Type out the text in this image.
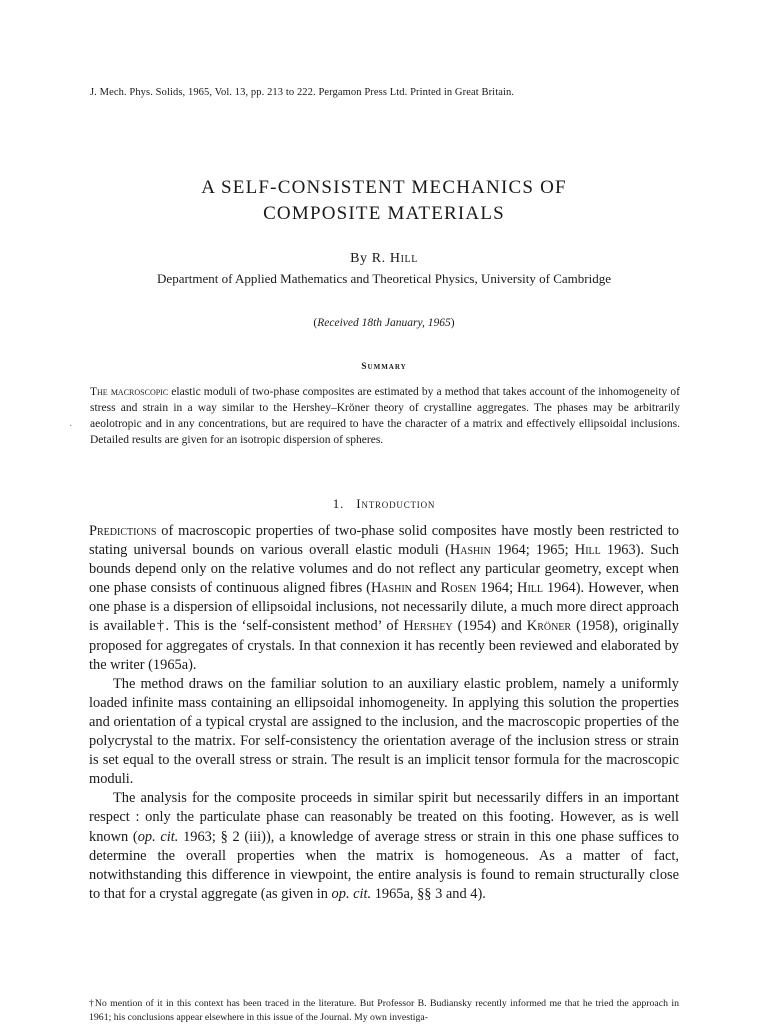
J. Mech. Phys. Solids, 1965, Vol. 13, pp. 213 to 222. Pergamon Press Ltd. Printed in Great Britain.
A SELF-CONSISTENT MECHANICS OF
COMPOSITE MATERIALS
By R. Hill
Department of Applied Mathematics and Theoretical Physics, University of Cambridge
(Received 18th January, 1965)
Summary
·
The macroscopic elastic moduli of two-phase composites are estimated by a method that takes account of the inhomogeneity of stress and strain in a way similar to the Hershey–Kröner theory of crystalline aggregates. The phases may be arbitrarily aeolotropic and in any concentrations, but are required to have the character of a matrix and effectively ellipsoidal inclusions. Detailed results are given for an isotropic dispersion of spheres.
1. Introduction

Predictions of macroscopic properties of two-phase solid composites have mostly been restricted to stating universal bounds on various overall elastic moduli (Hashin 1964; 1965; Hill 1963). Such bounds depend only on the relative volumes and do not reflect any particular geometry, except when one phase consists of continuous aligned fibres (Hashin and Rosen 1964; Hill 1964). However, when one phase is a dispersion of ellipsoidal inclusions, not necessarily dilute, a much more direct approach is available†. This is the ‘self-consistent method’ of Hershey (1954) and Kröner (1958), originally proposed for aggregates of crystals. In that connexion it has recently been reviewed and elaborated by the writer (1965a).

The method draws on the familiar solution to an auxiliary elastic problem, namely a uniformly loaded infinite mass containing an ellipsoidal inhomogeneity. In applying this solution the properties and orientation of a typical crystal are assigned to the inclusion, and the macroscopic properties of the polycrystal to the matrix. For self-consistency the orientation average of the inclusion stress or strain is set equal to the overall stress or strain. The result is an implicit tensor formula for the macroscopic moduli.

The analysis for the composite proceeds in similar spirit but necessarily differs in an important respect : only the particulate phase can reasonably be treated on this footing. However, as is well known (op. cit. 1963; § 2 (iii)), a knowledge of average stress or strain in this one phase suffices to determine the overall properties when the matrix is homogeneous. As a matter of fact, notwithstanding this difference in viewpoint, the entire analysis is found to remain structurally close to that for a crystal aggregate (as given in op. cit. 1965a, §§ 3 and 4).

†No mention of it in this context has been traced in the literature. But Professor B. Budiansky recently informed me that he tried the approach in 1961; his conclusions appear elsewhere in this issue of the Journal. My own investiga-
